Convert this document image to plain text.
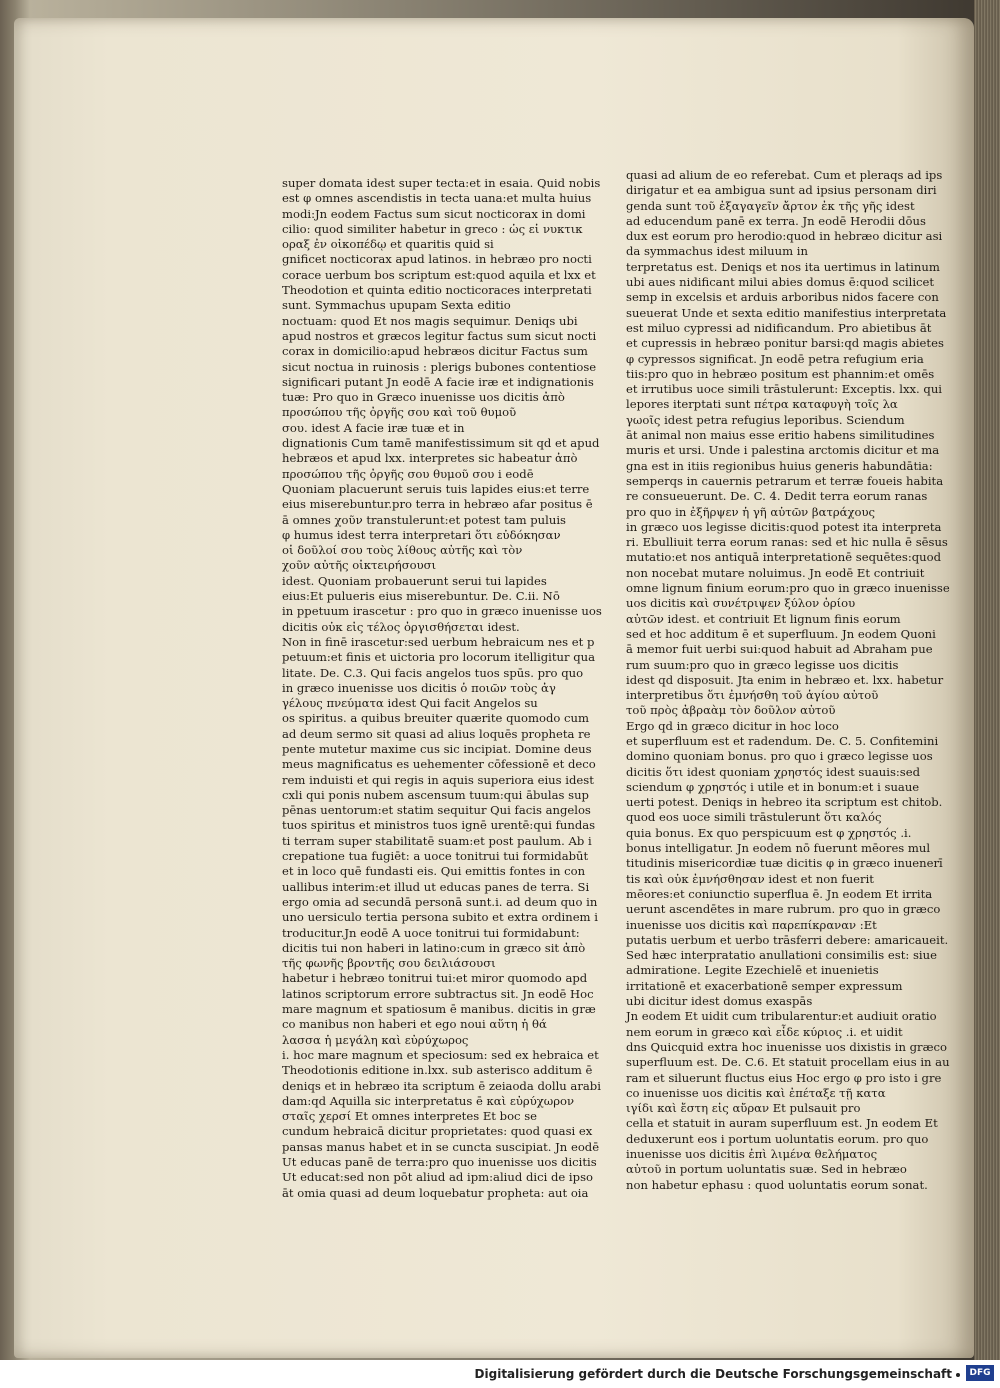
super domata idest super tecta:et in esaia. Quid nobis

est φ omnes ascendistis in tecta uana:et multa huius

modi:Jn eodem Factus sum sicut nocticorax in domi

cilio: quod similiter habetur in greco : ὡς εἰ νυκτικ

οραξ ἐν οἰκοπέδῳ et quaritis quid si

gnificet nocticorax apud latinos. in hebræo pro nocti

corace uerbum bos scriptum est:quod aquila et lxx et

Theodotion et quinta editio nocticoraces interpretati

sunt. Symmachus upupam Sexta editio

noctuam: quod Et nos magis sequimur. Deniqs ubi

apud nostros et græcos legitur factus sum sicut nocti

corax in domicilio:apud hebræos dicitur Factus sum

sicut noctua in ruinosis : plerigs bubones contentiose

significari putant Jn eodē A facie iræ et indignationis

tuæ: Pro quo in Græco inuenisse uos dicitis ἀπὸ

προσώπου τῆς ὀργῆς σου καὶ τοῦ θυμοῦ

σου. idest A facie iræ tuæ et in

dignationis Cum tamē manifestissimum sit qd et apud

hebræos et apud lxx. interpretes sic habeatur ἀπὸ

προσώπου τῆς ὀργῆς σου θυμοῦ σου i eodē

Quoniam placuerunt seruis tuis lapides eius:et terre

eius miserebuntur.pro terra in hebræo afar positus ē

ā omnes χοῦν transtulerunt:et potest tam puluis

φ humus idest terra interpretari ὅτι εὐδόκησαν

οἱ δοῦλοί σου τοὺς λίθους αὐτῆς καὶ τὸν

χοῦν αὐτῆς οἰκτειρήσουσι

idest. Quoniam probauerunt serui tui lapides

eius:Et pulueris eius miserebuntur. De. C.ii. Nō

in ppetuum irascetur : pro quo in græco inuenisse uos

dicitis οὐκ εἰς τέλος ὀργισθήσεται idest.

Non in finē irascetur:sed uerbum hebraicum nes et p

petuum:et finis et uictoria pro locorum itelligitur qua

litate. De. C.3. Qui facis angelos tuos spūs. pro quo

in græco inuenisse uos dicitis ὁ ποιῶν τοὺς ἀγ

γέλους πνεύματα idest Qui facit Angelos su

os spiritus. a quibus breuiter quærite quomodo cum

ad deum sermo sit quasi ad alius loquēs propheta re

pente mutetur maxime cus sic incipiat. Domine deus

meus magnificatus es uehementer cōfessionē et deco

rem induisti et qui regis in aquis superiora eius idest

cxli qui ponis nubem ascensum tuum:qui ābulas sup

pēnas uentorum:et statim sequitur Qui facis angelos

tuos spiritus et ministros tuos ignē urentē:qui fundas

ti terram super stabilitatē suam:et post paulum. Ab i

crepatione tua fugiēt: a uoce tonitrui tui formidabūt

et in loco quē fundasti eis. Qui emittis fontes in con

uallibus interim:et illud ut educas panes de terra. Si

ergo omia ad secundā personā sunt.i. ad deum quo in

uno uersiculo tertia persona subito et extra ordinem i

troducitur.Jn eodē A uoce tonitrui tui formidabunt:

dicitis tui non haberi in latino:cum in græco sit ἀπὸ

τῆς φωνῆς βροντῆς σου δειλιάσουσι

habetur i hebræo tonitrui tui:et miror quomodo apd

latinos scriptorum errore subtractus sit. Jn eodē Hoc

mare magnum et spatiosum ē manibus. dicitis in græ

co manibus non haberi et ego noui αὕτη ἡ θά

λασσα ἡ μεγάλη καὶ εὐρύχωρος

i. hoc mare magnum et speciosum: sed ex hebraica et

Theodotionis editione in.lxx. sub asterisco additum ē

deniqs et in hebræo ita scriptum ē zeiaoda dollu arabi

dam:qd Aquilla sic interpretatus ē καὶ εὐρύχωρον

σταῖς χερσί Et omnes interpretes Et boc se

cundum hebraicā dicitur proprietates: quod quasi ex

pansas manus habet et in se cuncta suscipiat. Jn eodē

Ut educas panē de terra:pro quo inuenisse uos dicitis

Ut educat:sed non pōt aliud ad ipm:aliud dici de ipso

āt omia quasi ad deum loquebatur propheta: aut oia

quasi ad alium de eo referebat. Cum et pleraqs ad ips

dirigatur et ea ambigua sunt ad ipsius personam diri

genda sunt τοῦ ἐξαγαγεῖν ἄρτον ἐκ τῆς γῆς idest

ad educendum panē ex terra. Jn eodē Herodii dōus

dux est eorum pro herodio:quod in hebræo dicitur asi

da symmachus idest miluum in

terpretatus est. Deniqs et nos ita uertimus in latinum

ubi aues nidificant milui abies domus ē:quod scilicet

semp in excelsis et arduis arboribus nidos facere con

sueuerat Unde et sexta editio manifestius interpretata

est miluo cypressi ad nidificandum. Pro abietibus āt

et cupressis in hebræo ponitur barsi:qd magis abietes

φ cypressos significat. Jn eodē petra refugium eria

tiis:pro quo in hebræo positum est phannim:et omēs

et irrutibus uoce simili trāstulerunt: Exceptis. lxx. qui

lepores iterptati sunt πέτρα καταφυγὴ τοῖς λα

γωοῖς idest petra refugius leporibus. Sciendum

āt animal non maius esse eritio habens similitudines

muris et ursi. Unde i palestina arctomis dicitur et ma

gna est in itiis regionibus huius generis habundātia:

semperqs in cauernis petrarum et terræ foueis habita

re consueuerunt. De. C. 4. Dedit terra eorum ranas

pro quo in ἐξῆρψεν ἡ γῆ αὐτῶν βατράχους

in græco uos legisse dicitis:quod potest ita interpreta

ri. Ebulliuit terra eorum ranas: sed et hic nulla ē sēsus

mutatio:et nos antiquā interpretationē sequētes:quod

non nocebat mutare noluimus. Jn eodē Et contriuit

omne lignum finium eorum:pro quo in græco inuenisse

uos dicitis καὶ συνέτριψεν ξύλον ὁρίου

αὐτῶν idest. et contriuit Et lignum finis eorum

sed et hoc additum ē et superfluum. Jn eodem Quoni

ā memor fuit uerbi sui:quod habuit ad Abraham pue

rum suum:pro quo in græco legisse uos dicitis

idest qd disposuit. Jta enim in hebræo et. lxx. habetur

interpretibus ὅτι ἐμνήσθη τοῦ ἁγίου αὐτοῦ

τοῦ πρὸς ἀβραὰμ τὸν δοῦλον αὐτοῦ

Ergo qd in græco dicitur in hoc loco

et superfluum est et radendum. De. C. 5. Confitemini

domino quoniam bonus. pro quo i græco legisse uos

dicitis ὅτι idest quoniam χρηστός idest suauis:sed

sciendum φ χρηστός i utile et in bonum:et i suaue

uerti potest. Deniqs in hebreo ita scriptum est chitob.

quod eos uoce simili trāstulerunt ὅτι καλός

quia bonus. Ex quo perspicuum est φ χρηστός .i.

bonus intelligatur. Jn eodem nō fuerunt mēores mul

titudinis misericordiæ tuæ dicitis φ in græco inuenerī

tis καὶ οὐκ ἐμνήσθησαν idest et non fuerit

mēores:et coniunctio superflua ē. Jn eodem Et irrita

uerunt ascendētes in mare rubrum. pro quo in græco

inuenisse uos dicitis καὶ παρεπίκραναν :Et

putatis uerbum et uerbo trāsferri debere: amaricaueit.

Sed hæc interpratatio anullationi consimilis est: siue

admiratione. Legite Ezechielē et inuenietis

irritationē et exacerbationē semper expressum

ubi dicitur idest domus exaspās

Jn eodem Et uidit cum tribularentur:et audiuit oratio

nem eorum in græco καὶ εἶδε κύριος .i. et uidit

dns Quicquid extra hoc inuenisse uos dixistis in græco

superfluum est. De. C.6. Et statuit procellam eius in au

ram et siluerunt fluctus eius Hoc ergo φ pro isto i gre

co inuenisse uos dicitis καὶ ἐπέταξε τῇ κατα

ιγίδι καὶ ἔστη εἰς αὔραν Et pulsauit pro

cella et statuit in auram superfluum est. Jn eodem Et

deduxerunt eos i portum uoluntatis eorum. pro quo

inuenisse uos dicitis ἐπὶ λιμένα θελήματος

αὐτοῦ in portum uoluntatis suæ. Sed in hebræo

non habetur ephasu : quod uoluntatis eorum sonat.

Digitalisierung gefördert durch die Deutsche Forschungsgemeinschaft	DFG
